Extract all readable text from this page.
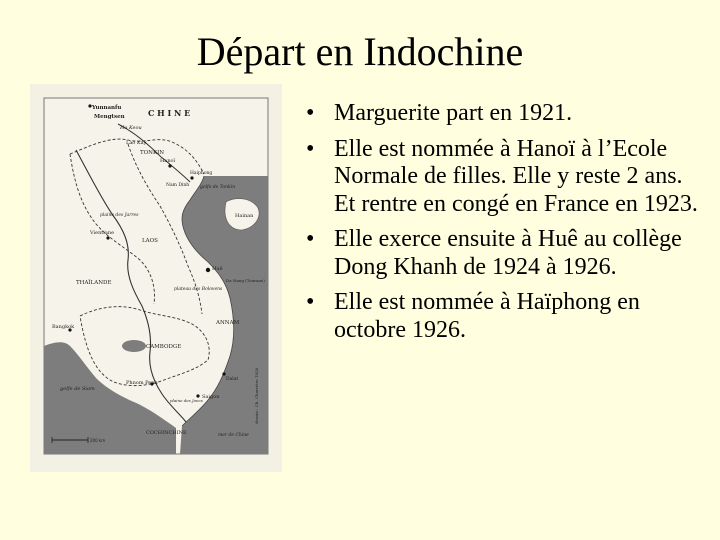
Départ en Indochine
C H I N E
Yunnanfu
Mengtsen
Ho Keou
Lao Kay
TONKIN
Hanoï
Haiphong
Nam Dinh golfe de Tonkin
Hainan
plaine des Jarres
Vientiane
LAOS
THAÏLANDE
Huê
Da Nang (Tourane)
plateau des Bolovens
ANNAM
Bangkok
CAMBODGE
golfe de Siam
Phnom Penh
plaine des Joncs
Saigon
Dalat
COCHINCHINE	mer de Chine
200 km
dessin : Ch. Charrière 1928
• Marguerite part en 1921.
• Elle est nommée à Hanoï à l’Ecole Normale de filles. Elle y reste 2 ans. Et rentre en congé en France en 1923.
• Elle exerce ensuite à Huê au collège Dong Khanh de 1924 à 1926.
• Elle est nommée à Haïphong en octobre 1926.
